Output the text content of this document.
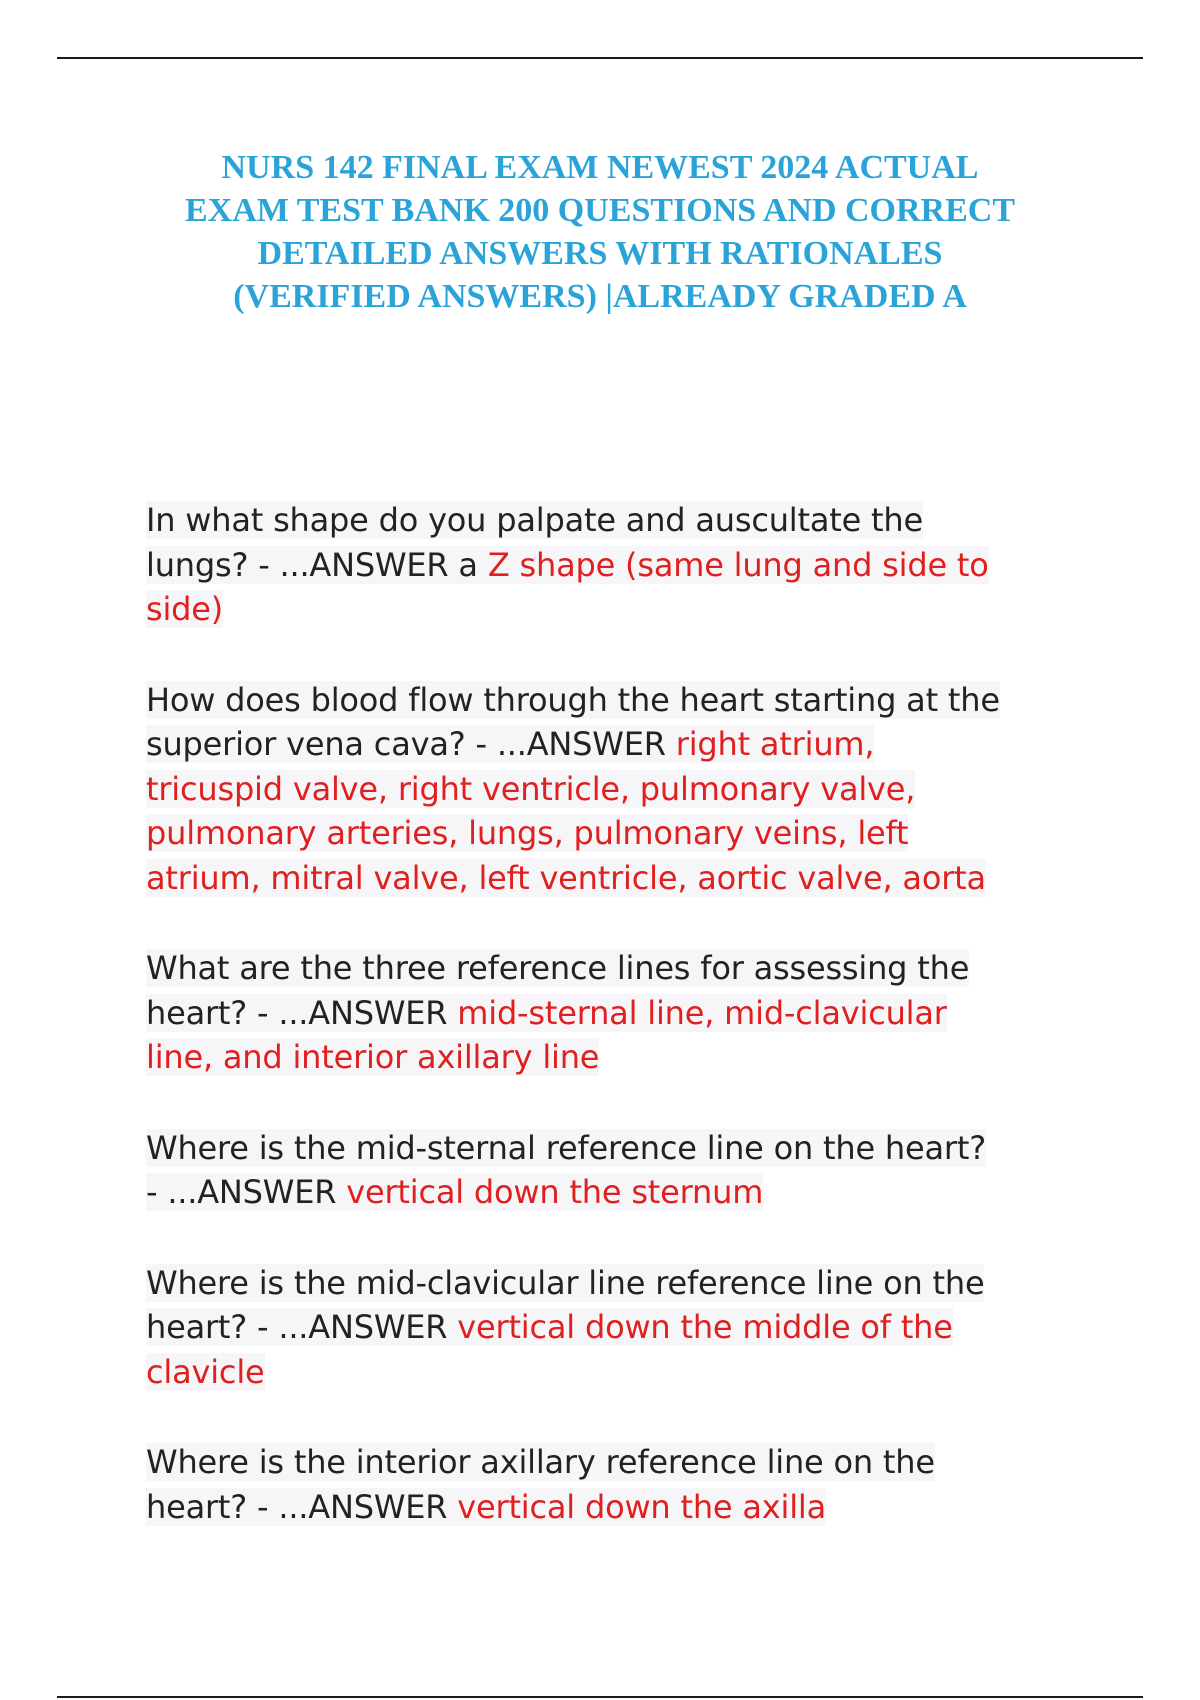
NURS 142 FINAL EXAM NEWEST 2024 ACTUAL
EXAM TEST BANK 200 QUESTIONS AND CORRECT
DETAILED ANSWERS WITH RATIONALES
(VERIFIED ANSWERS) |ALREADY GRADED A

In what shape do you palpate and auscultate the
lungs? - ...ANSWER a Z shape (same lung and side to
side)

How does blood flow through the heart starting at the
superior vena cava? - ...ANSWER right atrium,
tricuspid valve, right ventricle, pulmonary valve,
pulmonary arteries, lungs, pulmonary veins, left
atrium, mitral valve, left ventricle, aortic valve, aorta

What are the three reference lines for assessing the
heart? - ...ANSWER mid-sternal line, mid-clavicular
line, and interior axillary line

Where is the mid-sternal reference line on the heart?
- ...ANSWER vertical down the sternum

Where is the mid-clavicular line reference line on the
heart? - ...ANSWER vertical down the middle of the
clavicle

Where is the interior axillary reference line on the
heart? - ...ANSWER vertical down the axilla
